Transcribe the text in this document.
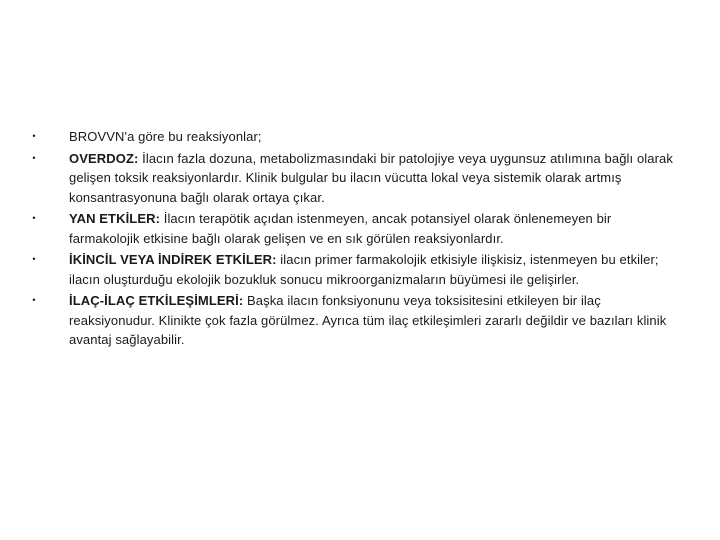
•	BROVVN'a göre bu reaksiyonlar;
•	OVERDOZ: İlacın fazla dozuna, metabolizmasındaki bir patolojiye veya uygunsuz atılımına bağlı olarak gelişen toksik reaksiyonlardır. Klinik bulgular bu ilacın vücutta lokal veya sistemik olarak artmış konsantrasyonuna bağlı olarak ortaya çıkar.
•	YAN ETKİLER: İlacın terapötik açıdan istenmeyen, ancak potansiyel olarak önlenemeyen bir farmakolojik etkisine bağlı olarak gelişen ve en sık görülen reaksiyonlardır.
•	İKİNCİL VEYA İNDİREK ETKİLER: ilacın primer farmakolojik etkisiyle ilişkisiz, istenmeyen bu etkiler; ilacın oluşturduğu ekolojik bozukluk sonucu mikroorganizmaların büyümesi ile gelişirler.
•	İLAÇ-İLAÇ ETKİLEŞİMLERİ: Başka ilacın fonksiyonunu veya toksisitesini etkileyen bir ilaç reaksiyonudur. Klinikte çok fazla görülmez. Ayrıca tüm ilaç etkileşimleri zararlı değildir ve bazıları klinik avantaj sağlayabilir.
